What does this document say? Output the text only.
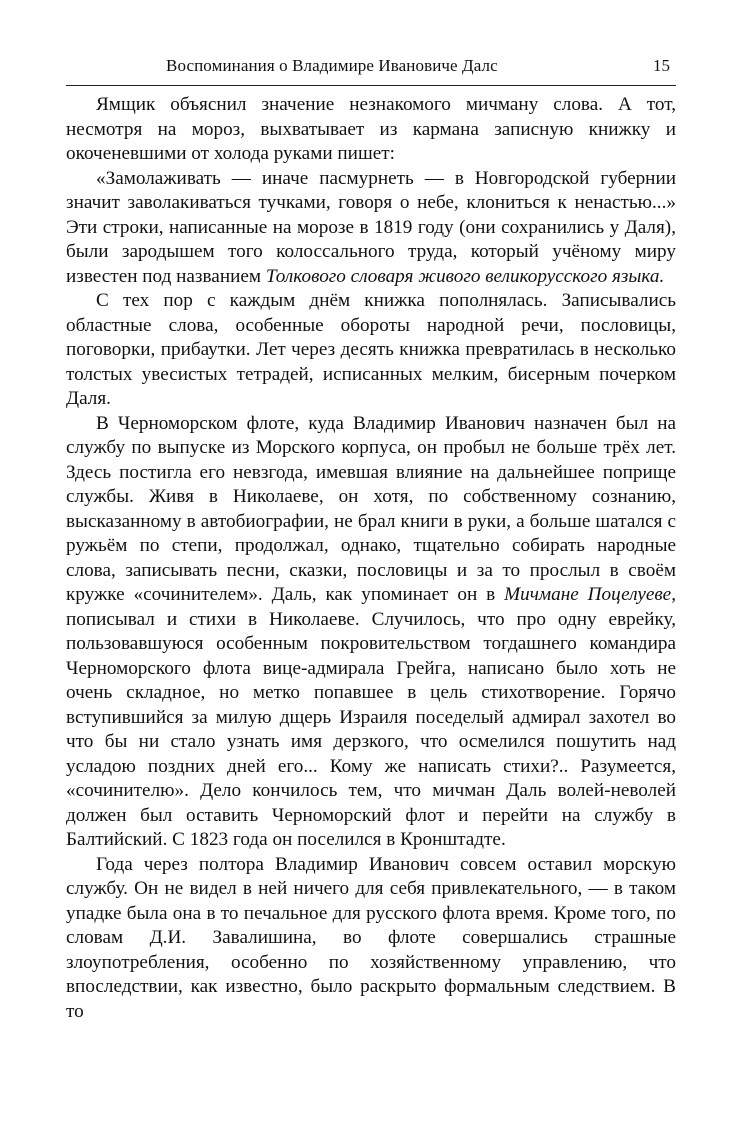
Воспоминания о Владимире Ивановиче Далс	15

Ямщик объяснил значение незнакомого мичману слова. А тот, несмотря на мороз, выхватывает из кармана записную книжку и окоченевшими от холода руками пишет:

«Замолаживать — иначе пасмурнеть — в Новгородской губернии значит заволакиваться тучками, говоря о небе, клониться к ненастью...» Эти строки, написанные на морозе в 1819 году (они сохранились у Даля), были зародышем того колоссального труда, который учёному миру известен под названием Толкового словаря живого великорусского языка.

С тех пор с каждым днём книжка пополнялась. Записывались областные слова, особенные обороты народной речи, пословицы, поговорки, прибаутки. Лет через десять книжка превратилась в несколько толстых увесистых тетрадей, исписанных мелким, бисерным почерком Даля.

В Черноморском флоте, куда Владимир Иванович назначен был на службу по выпуске из Морского корпуса, он пробыл не больше трёх лет. Здесь постигла его невзгода, имевшая влияние на дальнейшее поприще службы. Живя в Николаеве, он хотя, по собственному сознанию, высказанному в автобиографии, не брал книги в руки, а больше шатался с ружьём по степи, продолжал, однако, тщательно собирать народные слова, записывать песни, сказки, пословицы и за то прослыл в своём кружке «сочинителем». Даль, как упоминает он в Мичмане Поцелуеве, пописывал и стихи в Николаеве. Случилось, что про одну еврейку, пользовавшуюся особенным покровительством тогдашнего командира Черноморского флота вице-адмирала Грейга, написано было хоть не очень складное, но метко попавшее в цель стихотворение. Горячо вступившийся за милую дщерь Израиля поседелый адмирал захотел во что бы ни стало узнать имя дерзкого, что осмелился пошутить над усладою поздних дней его... Кому же написать стихи?.. Разумеется, «сочинителю». Дело кончилось тем, что мичман Даль волей-неволей должен был оставить Черноморский флот и перейти на службу в Балтийский. С 1823 года он поселился в Кронштадте.

Года через полтора Владимир Иванович совсем оставил морскую службу. Он не видел в ней ничего для себя привлекательного, — в таком упадке была она в то печальное для русского флота время. Кроме того, по словам Д.И. Завалишина, во флоте совершались страшные злоупотребления, особенно по хозяйственному управлению, что впоследствии, как известно, было раскрыто формальным следствием. В то
